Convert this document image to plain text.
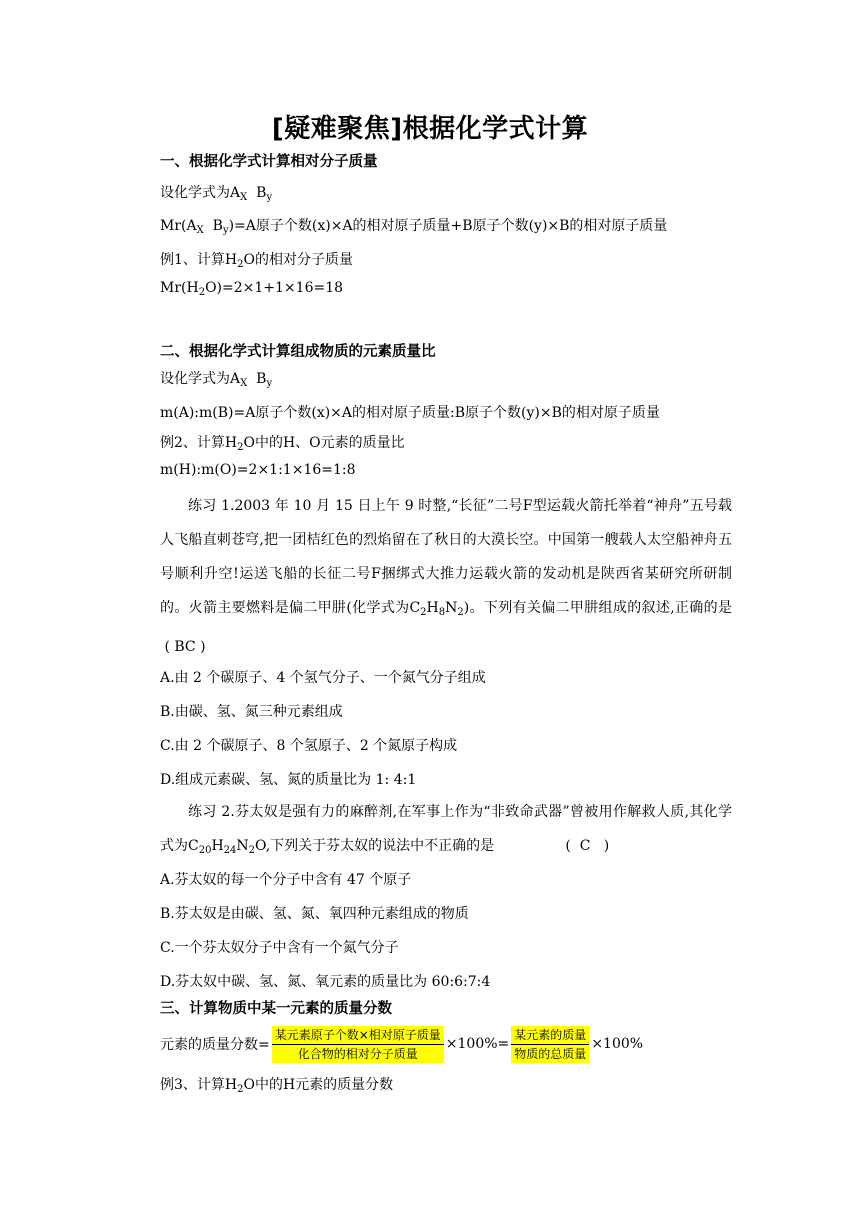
[疑难聚焦]根据化学式计算
一、根据化学式计算相对分子质量
设化学式为$A_X$  $B_y$
$Mr(A_X$  $B_y)=A$原子个数(x)×A的相对原子质量+B原子个数(y)×B的相对原子质量
例1、计算$H_2O$的相对分子质量
$Mr(H_2O)=2\times 1+1\times 16=18$
二、根据化学式计算组成物质的元素质量比
设化学式为$A_X$  $B_y$
m(A):m(B)=A原子个数(x)×A的相对原子质量:B原子个数(y)×B的相对原子质量
例2、计算$H_2O$中的H、O元素的质量比
m(H):m(O)=2×1:1×16=1:8
练习 1.2003 年 10 月 15 日上午 9 时整,“长征”二号F型运载火箭托举着“神舟”五号载人飞船直刺苍穹,把一团桔红色的烈焰留在了秋日的大漠长空。中国第一艘载人太空船神舟五号顺利升空!运送飞船的长征二号F捆绑式大推力运载火箭的发动机是陕西省某研究所研制的。火箭主要燃料是偏二甲肼(化学式为$C_2H_8N_2$)。下列有关偏二甲肼组成的叙述,正确的是  ( BC )
A.由 2 个碳原子、4 个氢气分子、一个氮气分子组成
B.由碳、氢、氮三种元素组成
C.由 2 个碳原子、8 个氢原子、2 个氮原子构成
D.组成元素碳、氢、氮的质量比为 1: 4:1
练习 2.芬太奴是强有力的麻醉剂,在军事上作为“非致命武器”曾被用作解救人质,其化学式为$C_{20}H_{24}N_2O$,下列关于芬太奴的说法中不正确的是                (  C   )
A.芬太奴的每一个分子中含有 47 个原子
B.芬太奴是由碳、氢、氮、氧四种元素组成的物质
C.一个芬太奴分子中含有一个氮气分子
D.芬太奴中碳、氢、氮、氧元素的质量比为 60:6:7:4
三、计算物质中某一元素的质量分数
元素的质量分数= $\frac{\text{某元素原子个数×相对原子质量}}{\text{化合物的相对分子质量}} \times 100\%= \frac{\text{某元素的质量}}{\text{物质的总质量}} \times 100\%$
例3、计算$H_2O$中的H元素的质量分数
